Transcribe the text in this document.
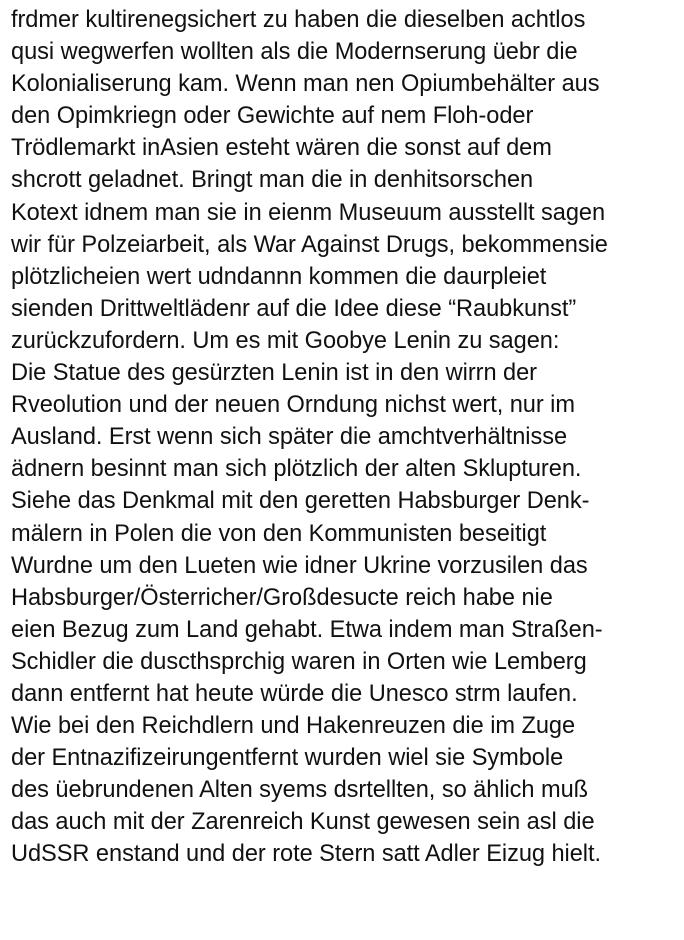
frdmer kultirenegsichert zu haben die dieselben achtlos
qusi wegwerfen wollten als die Modernserung üebr die
Kolonialiserung kam. Wenn man nen Opiumbehälter aus
den Opimkriegn oder Gewichte auf nem Floh-oder
Trödlemarkt inAsien esteht wären die sonst auf dem
shcrott geladnet. Bringt man die in denhitsorschen
Kotext idnem man sie in eienm Museuum ausstellt sagen
wir für Polzeiarbeit, als War Against Drugs, bekommensie
plötzlicheien wert udndannn kommen die daurpleiet
sienden Drittweltlädenr auf die Idee diese “Raubkunst”
zurückzufordern. Um es mit Goobye Lenin zu sagen:
Die Statue des gesürzten Lenin ist in den wirrn der
Rveolution und der neuen Orndung nichst wert, nur im
Ausland. Erst wenn sich später die amchtverhältnisse
ädnern besinnt man sich plötzlich der alten Sklupturen.
Siehe das Denkmal mit den geretten Habsburger Denk-
mälern in Polen die von den Kommunisten beseitigt
Wurdne um den Lueten wie idner Ukrine vorzusilen das
Habsburger/Österricher/Großdesucte reich habe nie
eien Bezug zum Land gehabt. Etwa indem man Straßen-
Schidler die duscthsprchig waren in Orten wie Lemberg
dann entfernt hat heute würde die Unesco strm laufen.
Wie bei den Reichdlern und Hakenreuzen die im Zuge
der Entnazifizeirungentfernt wurden wiel sie Symbole
des üebrundenen Alten syems dsrtellten, so ählich muß
das auch mit der Zarenreich Kunst gewesen sein asl die
UdSSR enstand und der rote Stern satt Adler Eizug hielt.
